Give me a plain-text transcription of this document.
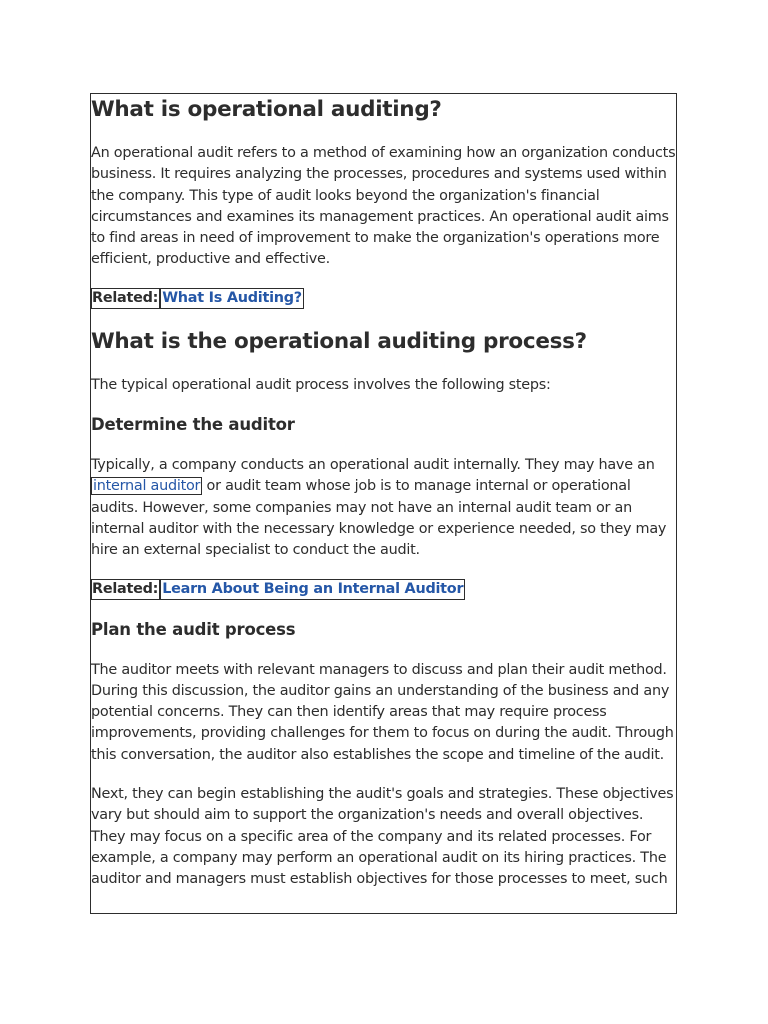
What is operational auditing?

An operational audit refers to a method of examining how an organization conducts business. It requires analyzing the processes, procedures and systems used within the company. This type of audit looks beyond the organization's financial circumstances and examines its management practices. An operational audit aims to find areas in need of improvement to make the organization's operations more efficient, productive and effective.

Related: What Is Auditing?
What is the operational auditing process?

The typical operational audit process involves the following steps:

Determine the auditor

Typically, a company conducts an operational audit internally. They may have an internal auditor or audit team whose job is to manage internal or operational audits. However, some companies may not have an internal audit team or an internal auditor with the necessary knowledge or experience needed, so they may hire an external specialist to conduct the audit.

Related: Learn About Being an Internal Auditor
Plan the audit process

The auditor meets with relevant managers to discuss and plan their audit method. During this discussion, the auditor gains an understanding of the business and any potential concerns. They can then identify areas that may require process improvements, providing challenges for them to focus on during the audit. Through this conversation, the auditor also establishes the scope and timeline of the audit.

Next, they can begin establishing the audit's goals and strategies. These objectives vary but should aim to support the organization's needs and overall objectives. They may focus on a specific area of the company and its related processes. For example, a company may perform an operational audit on its hiring practices. The auditor and managers must establish objectives for those processes to meet, such
